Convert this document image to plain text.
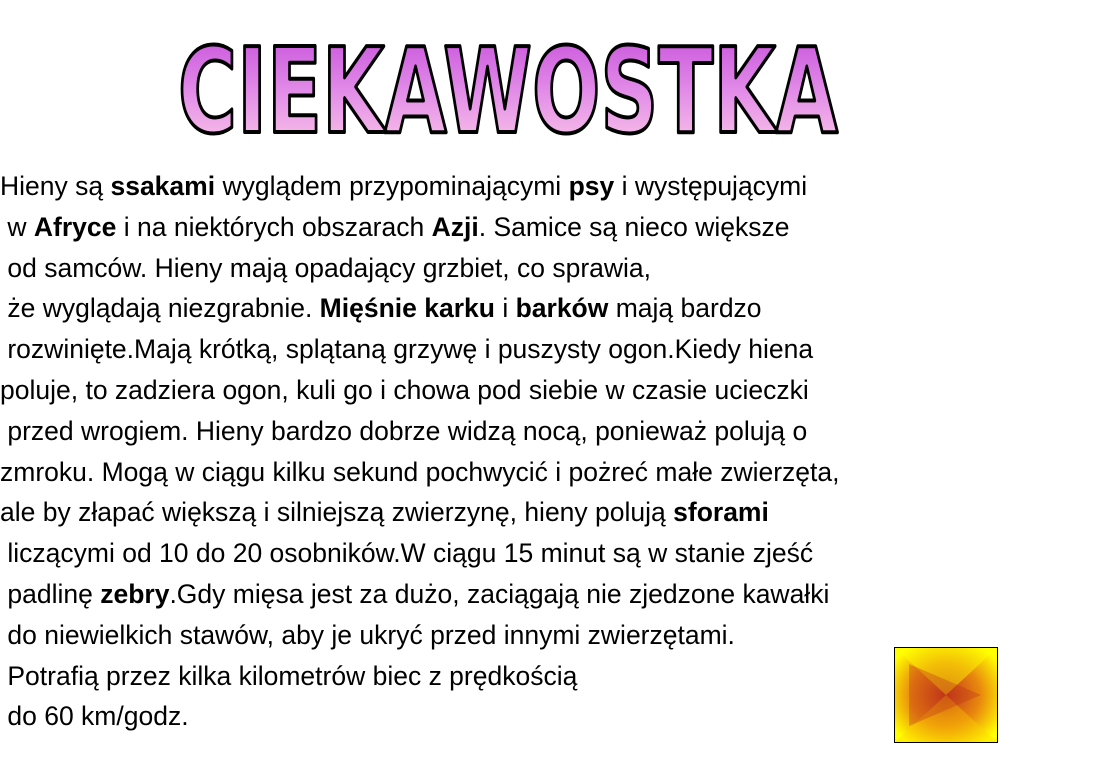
CIEKAWOSTKA
Hieny są ssakami wyglądem przypominającymi psy i występującymi
w Afryce i na niektórych obszarach Azji. Samice są nieco większe
od samców. Hieny mają opadający grzbiet, co sprawia,
że wyglądają niezgrabnie. Mięśnie karku i barków mają bardzo
rozwinięte.Mają krótką, splątaną grzywę i puszysty ogon.Kiedy hiena
poluje, to zadziera ogon, kuli go i chowa pod siebie w czasie ucieczki
przed wrogiem. Hieny bardzo dobrze widzą nocą, ponieważ polują o
zmroku. Mogą w ciągu kilku sekund pochwycić i pożreć małe zwierzęta,
ale by złapać większą i silniejszą zwierzynę, hieny polują sforami
liczącymi od 10 do 20 osobników.W ciągu 15 minut są w stanie zjeść
padlinę zebry.Gdy mięsa jest za dużo, zaciągają nie zjedzone kawałki
do niewielkich stawów, aby je ukryć przed innymi zwierzętami.
Potrafią przez kilka kilometrów biec z prędkością
do 60 km/godz.
